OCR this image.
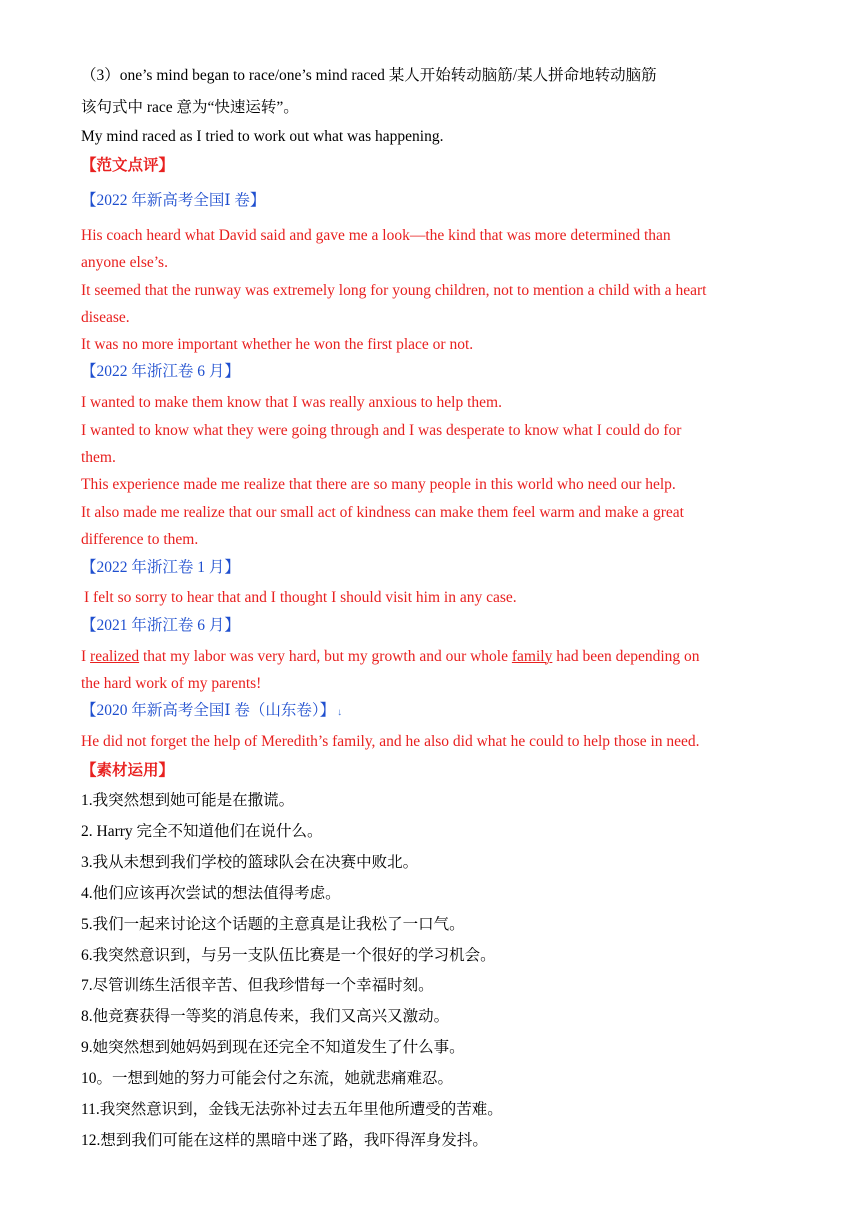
（3）one’s mind began to race/one’s mind raced 某人开始转动脑筋/某人拼命地转动脑筋
该句式中 race 意为“快速运转”。
My mind raced as I tried to work out what was happening.
【范文点评】
【2022 年新高考全国Ⅰ 卷】
His coach heard what David said and gave me a look—the kind that was more determined than
anyone else’s.
It seemed that the runway was extremely long for young children, not to mention a child with a heart
disease.
It was no more important whether he won the first place or not.
【2022 年浙江卷 6 月】
I wanted to make them know that I was really anxious to help them.
I wanted to know what they were going through and I was desperate to know what I could do for
them.
This experience made me realize that there are so many people in this world who need our help.
It also made me realize that our small act of kindness can make them feel warm and make a great
difference to them.
【2022 年浙江卷 1 月】
I felt so sorry to hear that and I thought I should visit him in any case.
【2021 年浙江卷 6 月】
I realized that my labor was very hard, but my growth and our whole family had been depending on
the hard work of my parents!
【2020 年新高考全国Ⅰ 卷（山东卷）】 ↓
He did not forget the help of Meredith’s family, and he also did what he could to help those in need.
【素材运用】
1.我突然想到她可能是在撒谎。
2. Harry 完全不知道他们在说什么。
3.我从未想到我们学校的篮球队会在决赛中败北。
4.他们应该再次尝试的想法值得考虑。
5.我们一起来讨论这个话题的主意真是让我松了一口气。
6.我突然意识到，与另一支队伍比赛是一个很好的学习机会。
7.尽管训练生活很辛苦、但我珍惜每一个幸福时刻。
8.他竞赛获得一等奖的消息传来，我们又高兴又激动。
9.她突然想到她妈妈到现在还完全不知道发生了什么事。
10。一想到她的努力可能会付之东流，她就悲痛难忍。
11.我突然意识到，金钱无法弥补过去五年里他所遭受的苦难。
12.想到我们可能在这样的黑暗中迷了路，我吓得浑身发抖。
